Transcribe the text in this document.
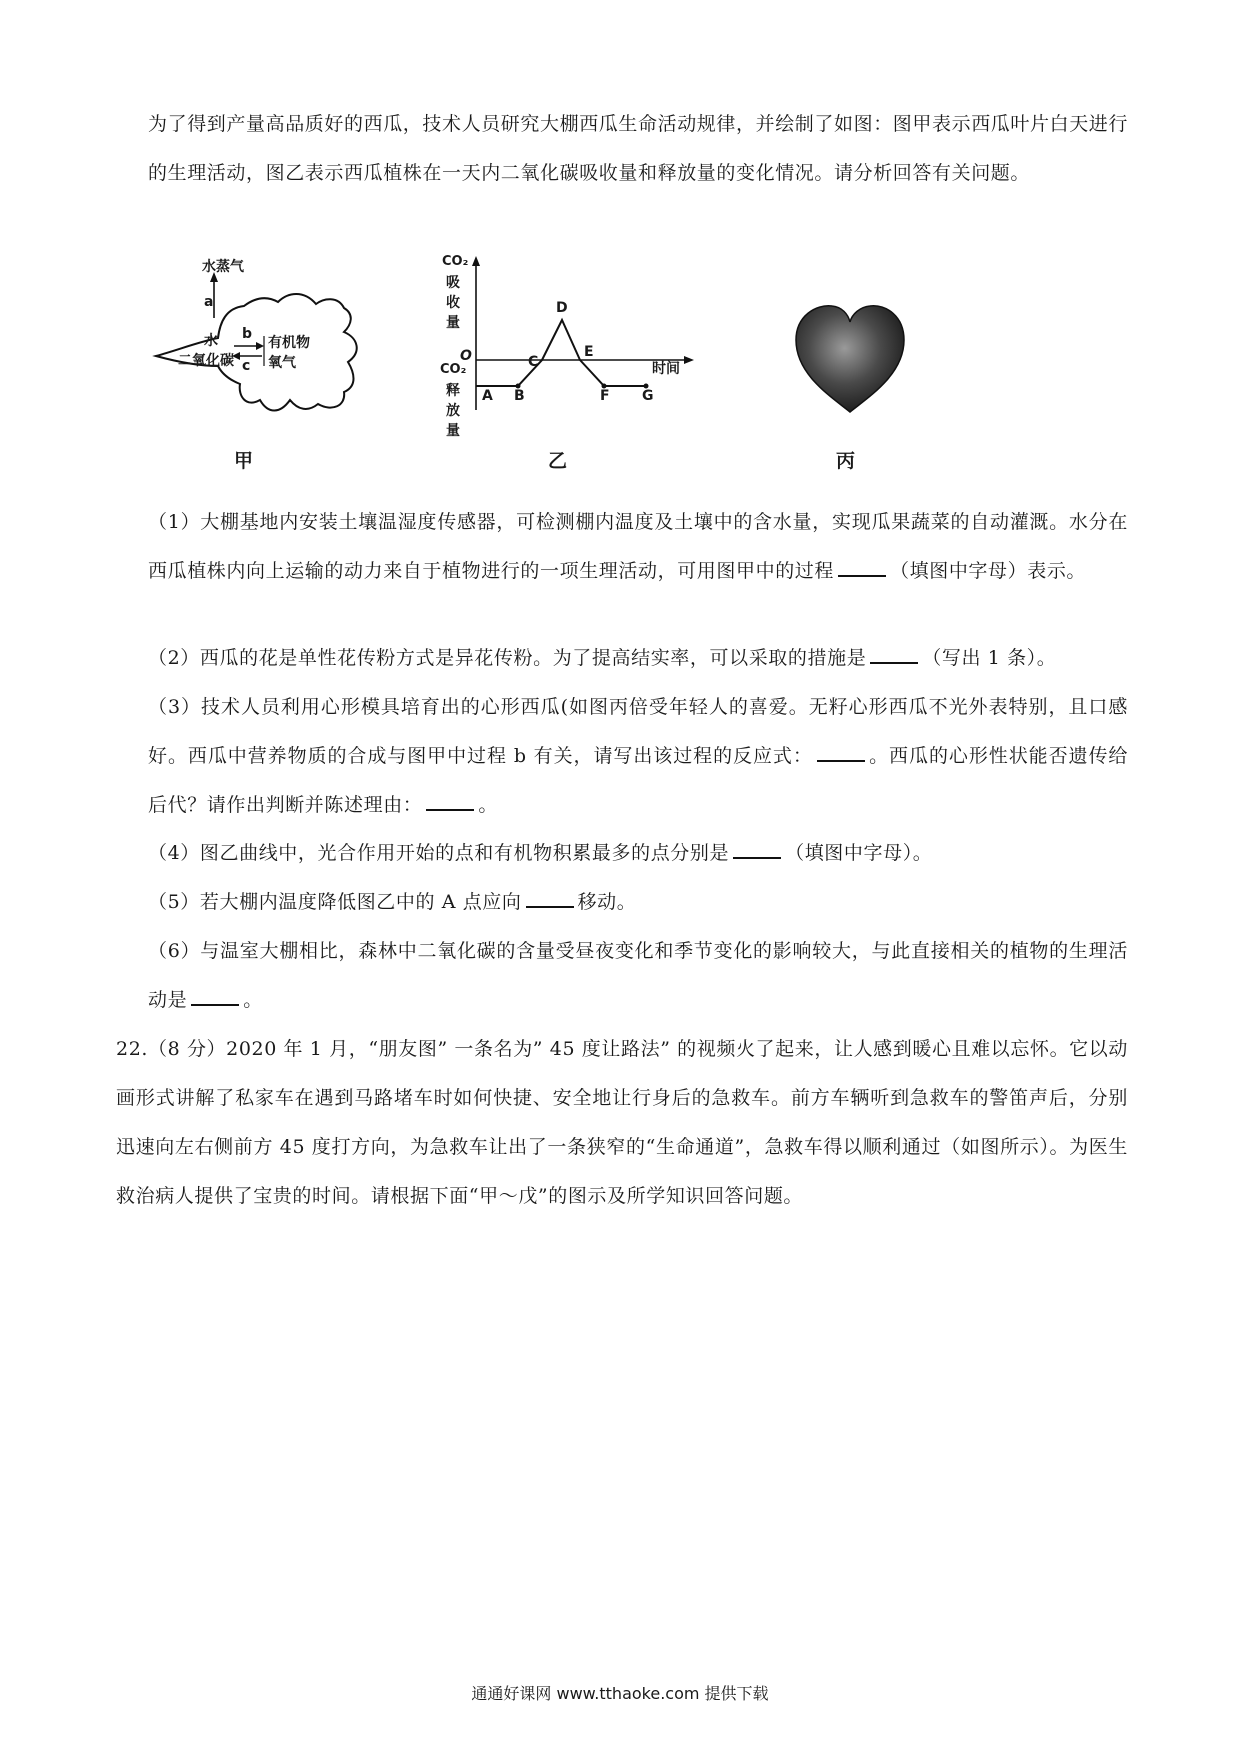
为了得到产量高品质好的西瓜，技术人员研究大棚西瓜生命活动规律，并绘制了如图：图甲表示西瓜叶片白天进行的生理活动，图乙表示西瓜植株在一天内二氧化碳吸收量和释放量的变化情况。请分析回答有关问题。

水蒸气
a
水
二氧化碳
b
c
有机物
氧气
甲
CO₂
吸
收
量
O
CO₂
释
放
量
时间
A B
C
D
E
F G
乙	丙

（1）大棚基地内安装土壤温湿度传感器，可检测棚内温度及土壤中的含水量，实现瓜果蔬菜的自动灌溉。水分在西瓜植株内向上运输的动力来自于植物进行的一项生理活动，可用图甲中的过程	（填图中字母）表示。

（2）西瓜的花是单性花传粉方式是异花传粉。为了提高结实率，可以采取的措施是	（写出 1 条）。

（3）技术人员利用心形模具培育出的心形西瓜(如图丙倍受年轻人的喜爱。无籽心形西瓜不光外表特别，且口感好。西瓜中营养物质的合成与图甲中过程 b 有关，请写出该过程的反应式：	。西瓜的心形性状能否遗传给后代？请作出判断并陈述理由：	。

（4）图乙曲线中，光合作用开始的点和有机物积累最多的点分别是	（填图中字母）。

（5）若大棚内温度降低图乙中的 A 点应向	移动。

（6）与温室大棚相比，森林中二氧化碳的含量受昼夜变化和季节变化的影响较大，与此直接相关的植物的生理活动是	。

22.（8 分）2020 年 1 月，“朋友图” 一条名为” 45 度让路法” 的视频火了起来，让人感到暖心且难以忘怀。它以动画形式讲解了私家车在遇到马路堵车时如何快捷、安全地让行身后的急救车。前方车辆听到急救车的警笛声后，分别迅速向左右侧前方 45 度打方向，为急救车让出了一条狭窄的“生命通道”，急救车得以顺利通过（如图所示）。为医生救治病人提供了宝贵的时间。请根据下面“甲～戊”的图示及所学知识回答问题。

通通好课网 www.tthaoke.com 提供下载
